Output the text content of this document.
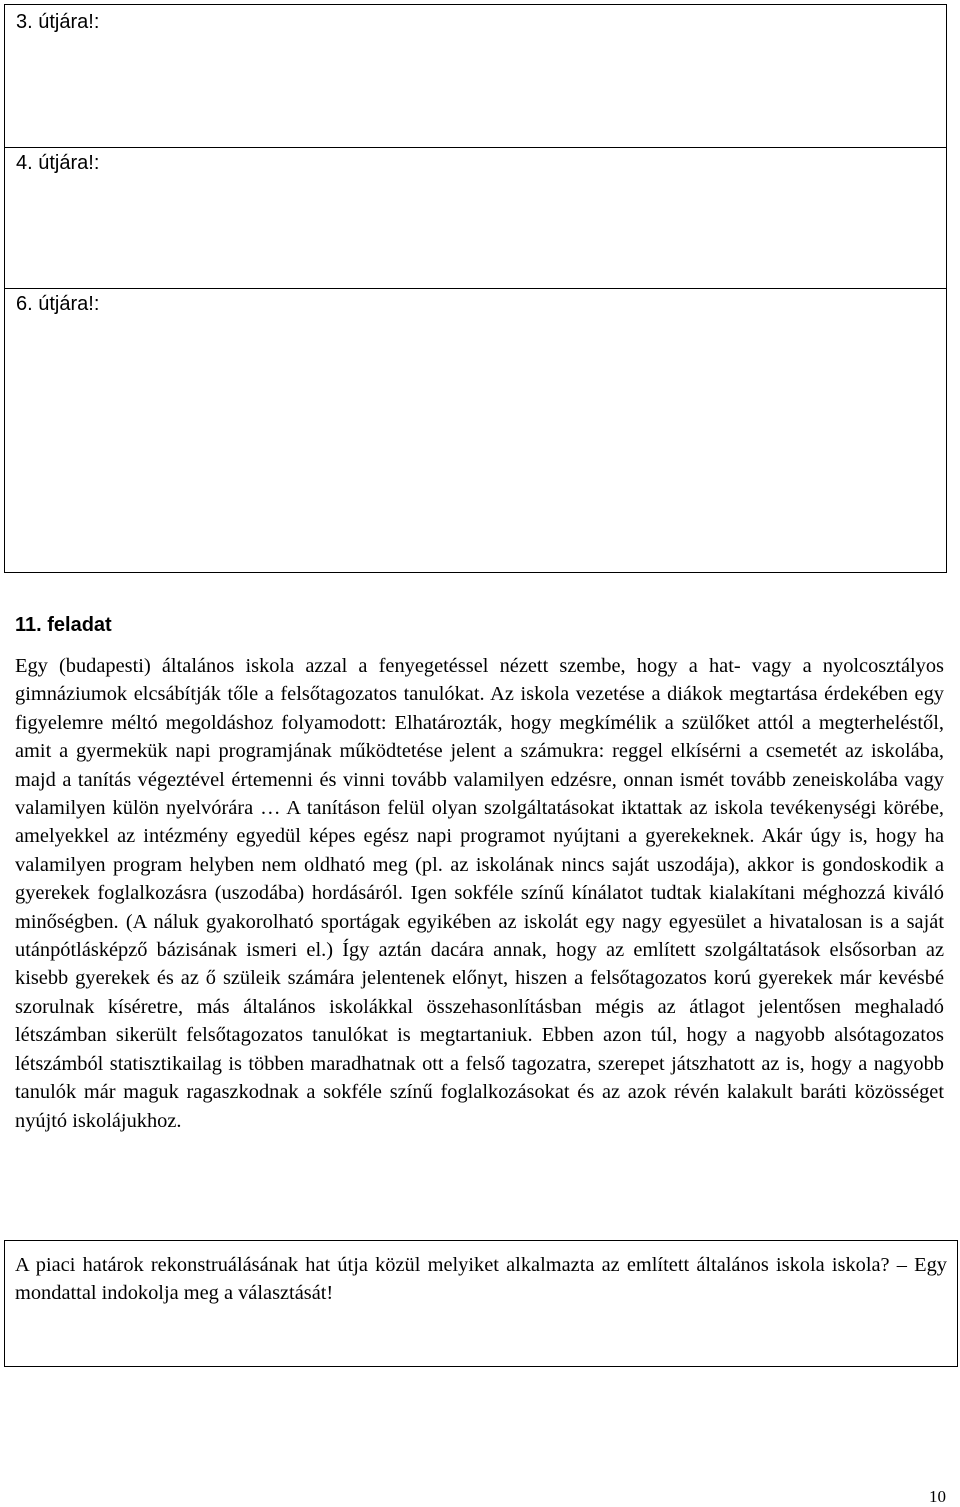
3. útjára!:
4. útjára!:
6. útjára!:
11. feladat

Egy (budapesti) általános iskola azzal a fenyegetéssel nézett szembe, hogy a hat- vagy a nyolcosztályos gimnáziumok elcsábítják tőle a felsőtagozatos tanulókat. Az iskola vezetése a diákok megtartása érdekében egy figyelemre méltó megoldáshoz folyamodott: Elhatározták, hogy megkímélik a szülőket attól a megterheléstől, amit a gyermekük napi programjának működtetése jelent a számukra: reggel elkísérni a csemetét az iskolába, majd a tanítás végeztével értemenni és vinni tovább valamilyen edzésre, onnan ismét tovább zeneiskolába vagy valamilyen külön nyelvórára … A tanításon felül olyan szolgáltatásokat iktattak az iskola tevékenységi körébe, amelyekkel az intézmény egyedül képes egész napi programot nyújtani a gyerekeknek. Akár úgy is, hogy ha valamilyen program helyben nem oldható meg (pl. az iskolának nincs saját uszodája), akkor is gondoskodik a gyerekek foglalkozásra (uszodába) hordásáról. Igen sokféle színű kínálatot tudtak kialakítani méghozzá kiváló minőségben. (A náluk gyakorolható sportágak egyikében az iskolát egy nagy egyesület a hivatalosan is a saját utánpótlásképző bázisának ismeri el.) Így aztán dacára annak, hogy az említett szolgáltatások elsősorban az kisebb gyerekek és az ő szüleik számára jelentenek előnyt, hiszen a felsőtagozatos korú gyerekek már kevésbé szorulnak kíséretre, más általános iskolákkal összehasonlításban mégis az átlagot jelentősen meghaladó létszámban sikerült felsőtagozatos tanulókat is megtartaniuk. Ebben azon túl, hogy a nagyobb alsótagozatos létszámból statisztikailag is többen maradhatnak ott a felső tagozatra, szerepet játszhatott az is, hogy a nagyobb tanulók már maguk ragaszkodnak a sokféle színű foglalkozásokat és az azok révén kalakult baráti közösséget nyújtó iskolájukhoz.

A piaci határok rekonstruálásának hat útja közül melyiket alkalmazta az említett általános iskola iskola? – Egy mondattal indokolja meg a választását!
10
